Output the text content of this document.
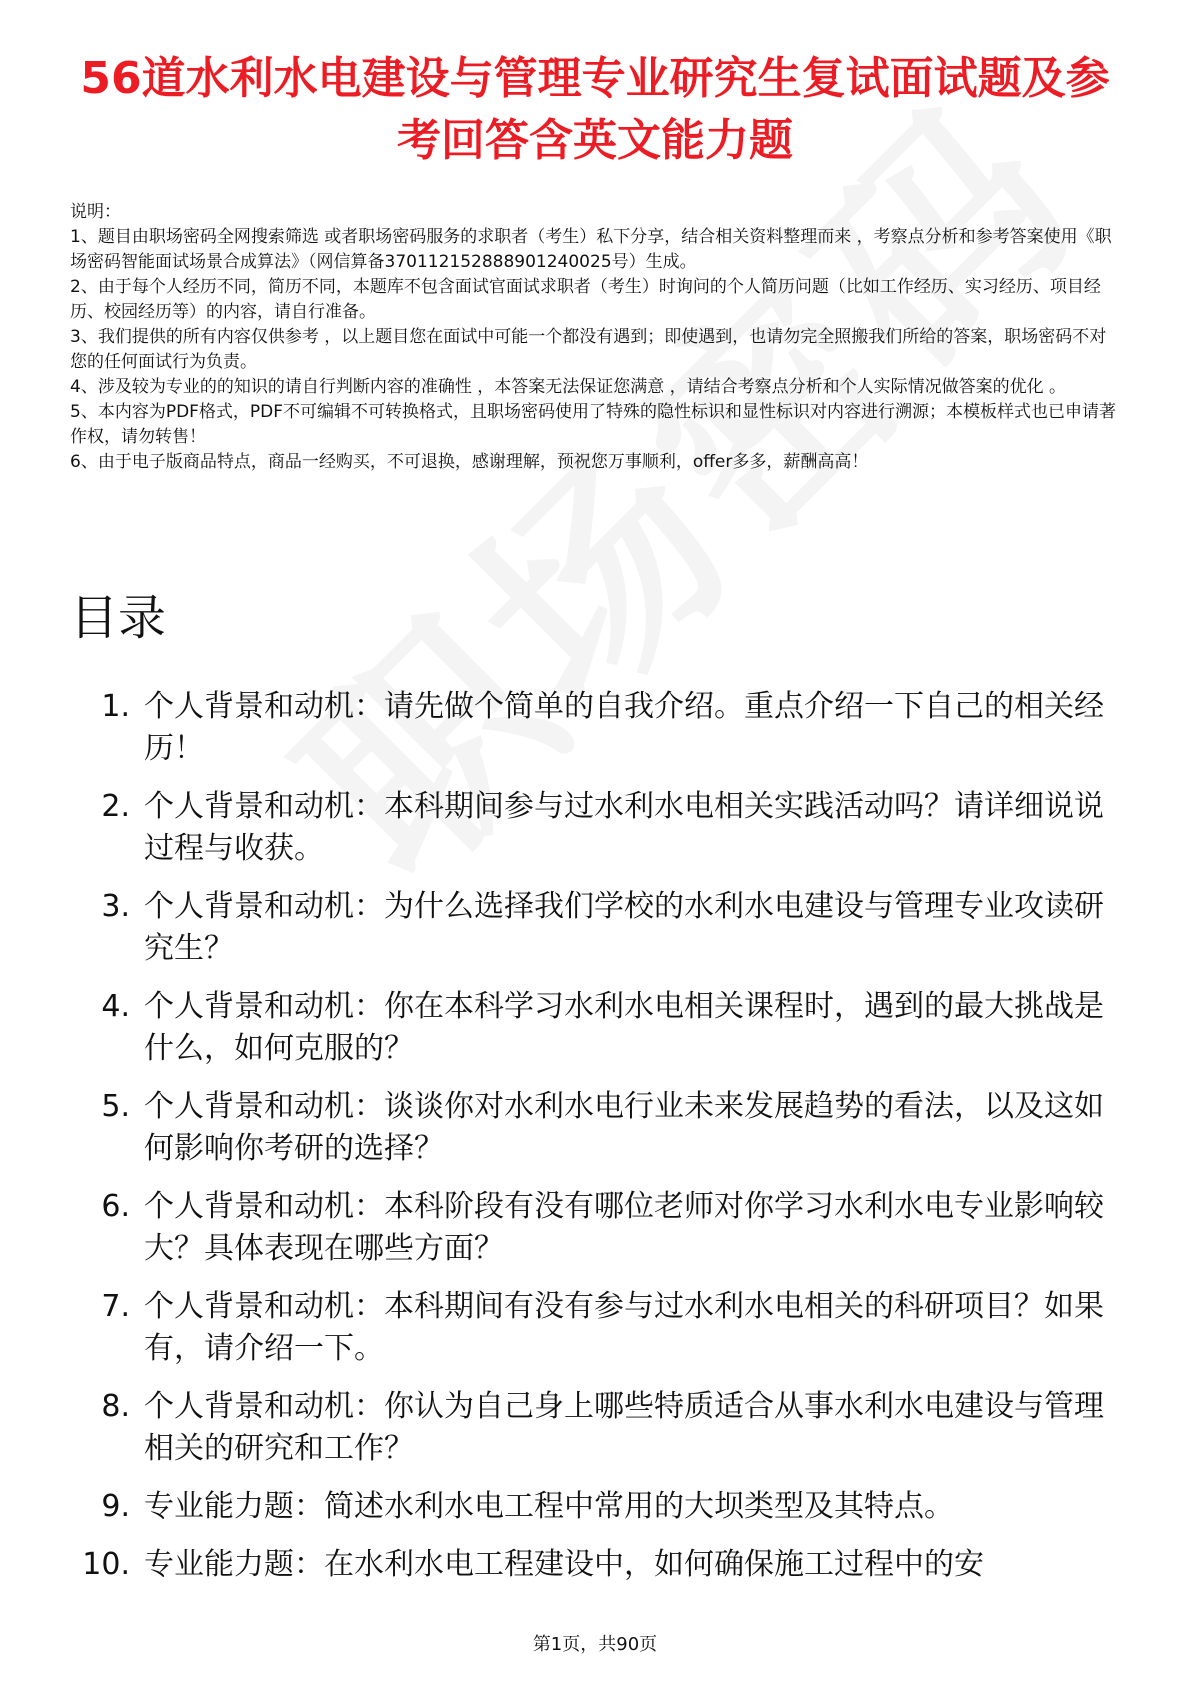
56道水利水电建设与管理专业研究生复试面试题及参考回答含英文能力题

说明：

1、题目由职场密码全网搜索筛选 或者职场密码服务的求职者（考生）私下分享，结合相关资料整理而来 ，考察点分析和参考答案使用《职场密码智能面试场景合成算法》（网信算备370112152888901240025号）生成。

2、由于每个人经历不同，简历不同，本题库不包含面试官面试求职者（考生）时询问的个人简历问题（比如工作经历、实习经历、项目经历、校园经历等）的内容，请自行准备。

3、我们提供的所有内容仅供参考 ，以上题目您在面试中可能一个都没有遇到；即使遇到，也请勿完全照搬我们所给的答案，职场密码不对您的任何面试行为负责。

4、涉及较为专业的的知识的请自行判断内容的准确性 ，本答案无法保证您满意 ，请结合考察点分析和个人实际情况做答案的优化 。

5、本内容为PDF格式，PDF不可编辑不可转换格式，且职场密码使用了特殊的隐性标识和显性标识对内容进行溯源；本模板样式也已申请著作权，请勿转售！

6、由于电子版商品特点，商品一经购买，不可退换，感谢理解，预祝您万事顺利，offer多多，薪酬高高！

目录
1. 个人背景和动机：请先做个简单的自我介绍。重点介绍一下自己的相关经历！
2. 个人背景和动机：本科期间参与过水利水电相关实践活动吗？请详细说说过程与收获。
3. 个人背景和动机：为什么选择我们学校的水利水电建设与管理专业攻读研究生？
4. 个人背景和动机：你在本科学习水利水电相关课程时，遇到的最大挑战是什么，如何克服的？
5. 个人背景和动机：谈谈你对水利水电行业未来发展趋势的看法，以及这如何影响你考研的选择？
6. 个人背景和动机：本科阶段有没有哪位老师对你学习水利水电专业影响较大？具体表现在哪些方面？
7. 个人背景和动机：本科期间有没有参与过水利水电相关的科研项目？如果有，请介绍一下。
8. 个人背景和动机：你认为自己身上哪些特质适合从事水利水电建设与管理相关的研究和工作？
9. 专业能力题：简述水利水电工程中常用的大坝类型及其特点。
10. 专业能力题：在水利水电工程建设中，如何确保施工过程中的安
第1页，共90页
